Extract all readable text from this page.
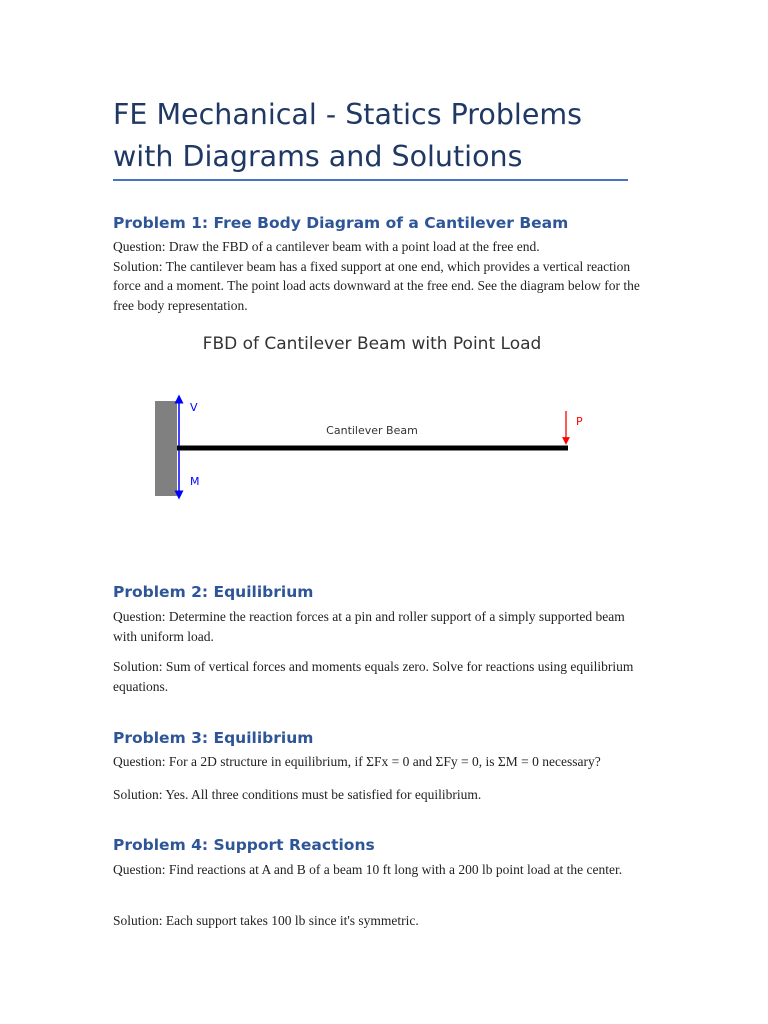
FE Mechanical - Statics Problems with Diagrams and Solutions
Problem 1: Free Body Diagram of a Cantilever Beam

Question: Draw the FBD of a cantilever beam with a point load at the free end.

Solution: The cantilever beam has a fixed support at one end, which provides a vertical reaction force and a moment. The point load acts downward at the free end. See the diagram below for the free body representation.

Problem 2: Equilibrium

Question: Determine the reaction forces at a pin and roller support of a simply supported beam with uniform load.

Solution: Sum of vertical forces and moments equals zero. Solve for reactions using equilibrium equations.

Problem 3: Equilibrium

Question: For a 2D structure in equilibrium, if ΣFx = 0 and ΣFy = 0, is ΣM = 0 necessary?

Solution: Yes. All three conditions must be satisfied for equilibrium.

Problem 4: Support Reactions

Question: Find reactions at A and B of a beam 10 ft long with a 200 lb point load at the center.

Solution: Each support takes 100 lb since it's symmetric.

FBD of Cantilever Beam with Point Load
V
M
Cantilever Beam
P
